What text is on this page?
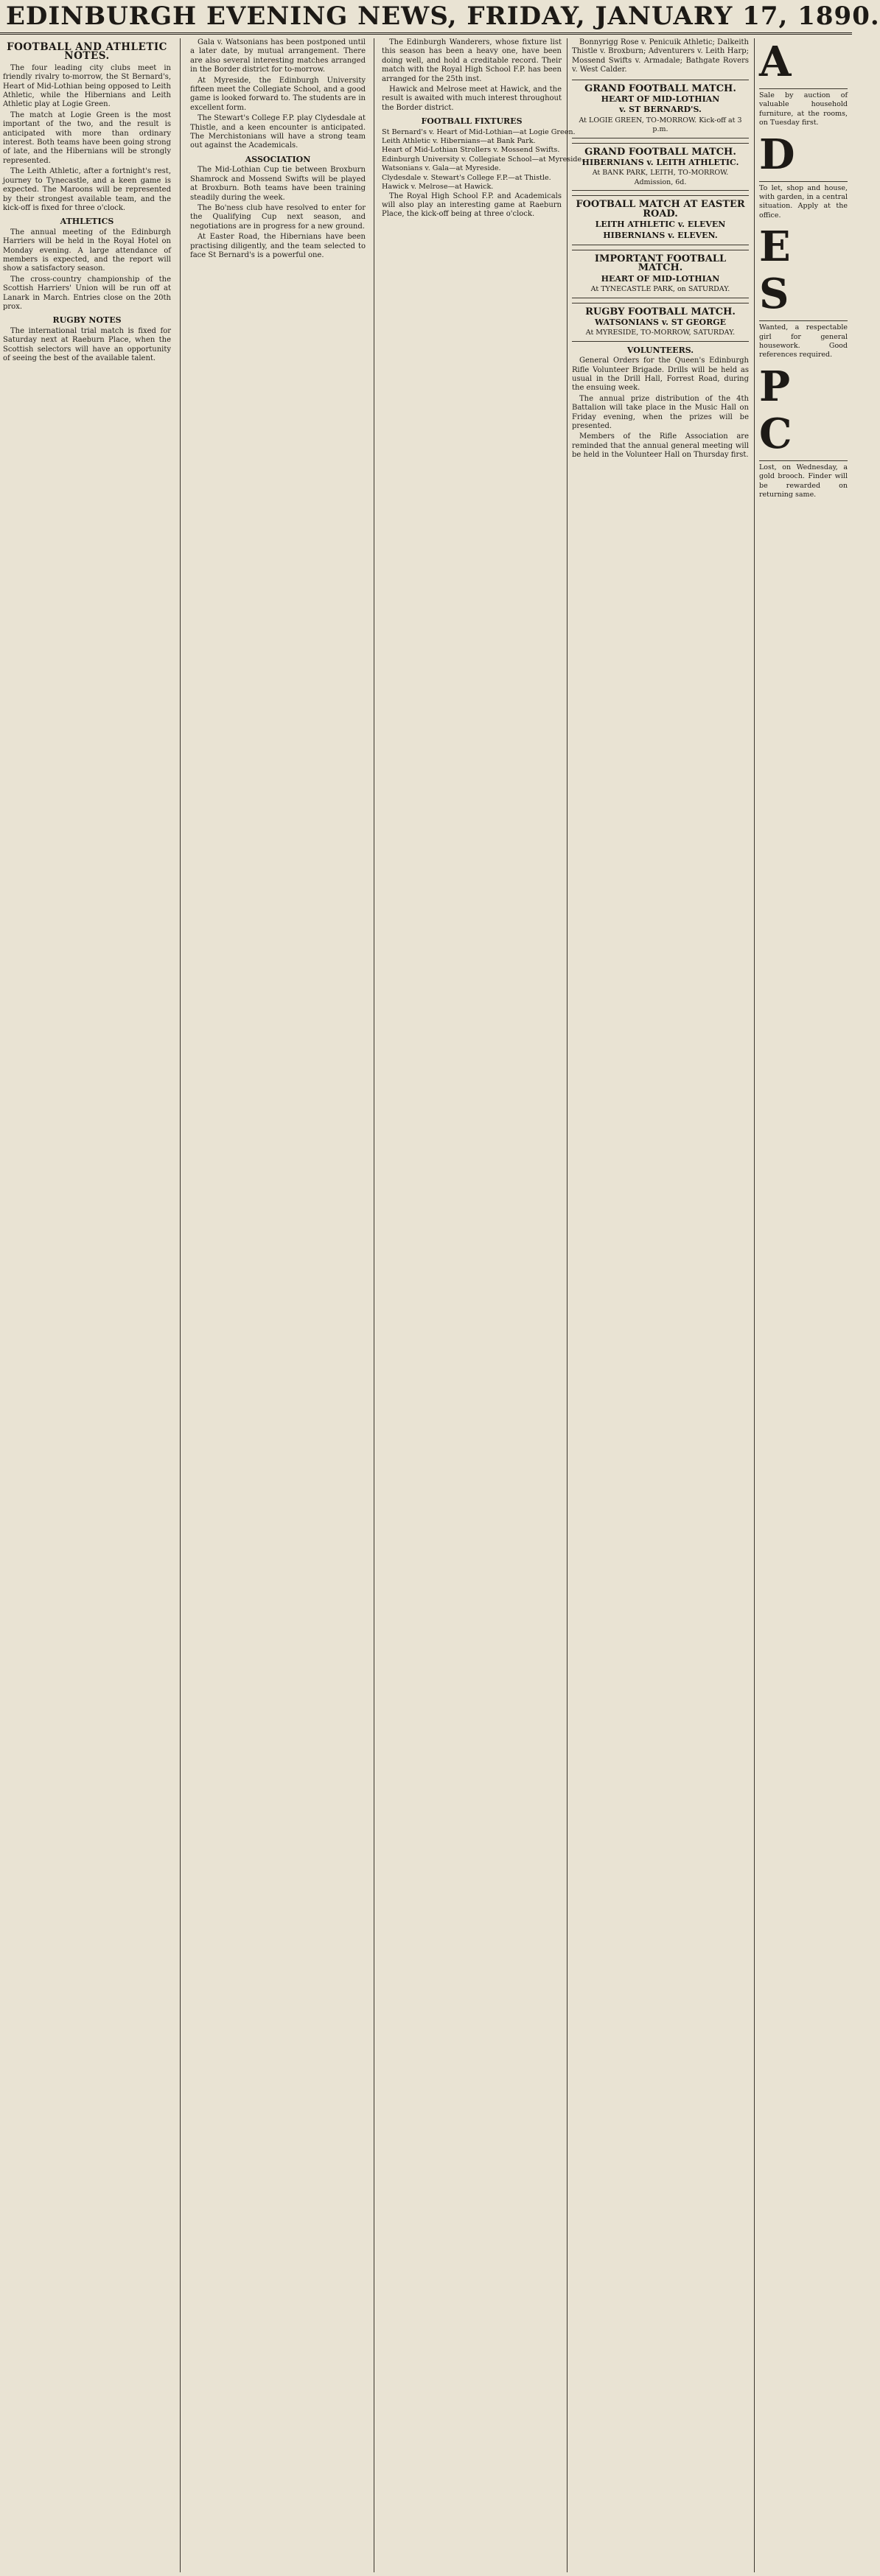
EDINBURGH EVENING NEWS, FRIDAY, JANUARY 17, 1890.
FOOTBALL AND ATHLETIC NOTES.

The four leading city clubs meet in friendly rivalry to-morrow, the St Bernard's, Heart of Mid-Lothian being opposed to Leith Athletic, while the Hibernians and Leith Athletic play at Logie Green.

The match at Logie Green is the most important of the two, and the result is anticipated with more than ordinary interest. Both teams have been going strong of late, and the Hibernians will be strongly represented.

The Leith Athletic, after a fortnight's rest, journey to Tynecastle, and a keen game is expected. The Maroons will be represented by their strongest available team, and the kick-off is fixed for three o'clock.

ATHLETICS

The annual meeting of the Edinburgh Harriers will be held in the Royal Hotel on Monday evening. A large attendance of members is expected, and the report will show a satisfactory season.

The cross-country championship of the Scottish Harriers' Union will be run off at Lanark in March. Entries close on the 20th prox.

RUGBY NOTES

The international trial match is fixed for Saturday next at Raeburn Place, when the Scottish selectors will have an opportunity of seeing the best of the available talent.

Gala v. Watsonians has been postponed until a later date, by mutual arrangement. There are also several interesting matches arranged in the Border district for to-morrow.

At Myreside, the Edinburgh University fifteen meet the Collegiate School, and a good game is looked forward to. The students are in excellent form.

The Stewart's College F.P. play Clydesdale at Thistle, and a keen encounter is anticipated. The Merchistonians will have a strong team out against the Academicals.

ASSOCIATION

The Mid-Lothian Cup tie between Broxburn Shamrock and Mossend Swifts will be played at Broxburn. Both teams have been training steadily during the week.

The Bo'ness club have resolved to enter for the Qualifying Cup next season, and negotiations are in progress for a new ground.

At Easter Road, the Hibernians have been practising diligently, and the team selected to face St Bernard's is a powerful one.

The Edinburgh Wanderers, whose fixture list this season has been a heavy one, have been doing well, and hold a creditable record. Their match with the Royal High School F.P. has been arranged for the 25th inst.

Hawick and Melrose meet at Hawick, and the result is awaited with much interest throughout the Border district.

FOOTBALL FIXTURES

St Bernard's v. Heart of Mid-Lothian—at Logie Green.

Leith Athletic v. Hibernians—at Bank Park.

Heart of Mid-Lothian Strollers v. Mossend Swifts.

Edinburgh University v. Collegiate School—at Myreside.

Watsonians v. Gala—at Myreside.

Clydesdale v. Stewart's College F.P.—at Thistle.

Hawick v. Melrose—at Hawick.

The Royal High School F.P. and Academicals will also play an interesting game at Raeburn Place, the kick-off being at three o'clock.

Bonnyrigg Rose v. Penicuik Athletic; Dalkeith Thistle v. Broxburn; Adventurers v. Leith Harp; Mossend Swifts v. Armadale; Bathgate Rovers v. West Calder.

GRAND FOOTBALL MATCH.
HEART OF MID-LOTHIAN
v. ST BERNARD'S.
At LOGIE GREEN, TO-MORROW. Kick-off at 3 p.m.
GRAND FOOTBALL MATCH.
HIBERNIANS v. LEITH ATHLETIC.
At BANK PARK, LEITH, TO-MORROW. Admission, 6d.
FOOTBALL MATCH AT EASTER ROAD.
LEITH ATHLETIC v. ELEVEN
HIBERNIANS v. ELEVEN.
IMPORTANT FOOTBALL MATCH.
HEART OF MID-LOTHIAN
At TYNECASTLE PARK, on SATURDAY.
RUGBY FOOTBALL MATCH.
WATSONIANS v. ST GEORGE
At MYRESIDE, TO-MORROW, SATURDAY.
VOLUNTEERS.

General Orders for the Queen's Edinburgh Rifle Volunteer Brigade. Drills will be held as usual in the Drill Hall, Forrest Road, during the ensuing week.

The annual prize distribution of the 4th Battalion will take place in the Music Hall on Friday evening, when the prizes will be presented.

Members of the Rifle Association are reminded that the annual general meeting will be held in the Volunteer Hall on Thursday first.

A

Sale by auction of valuable household furniture, at the rooms, on Tuesday first.

D

To let, shop and house, with garden, in a central situation. Apply at the office.

E

S

Wanted, a respectable girl for general housework. Good references required.

P

C

Lost, on Wednesday, a gold brooch. Finder will be rewarded on returning same.
